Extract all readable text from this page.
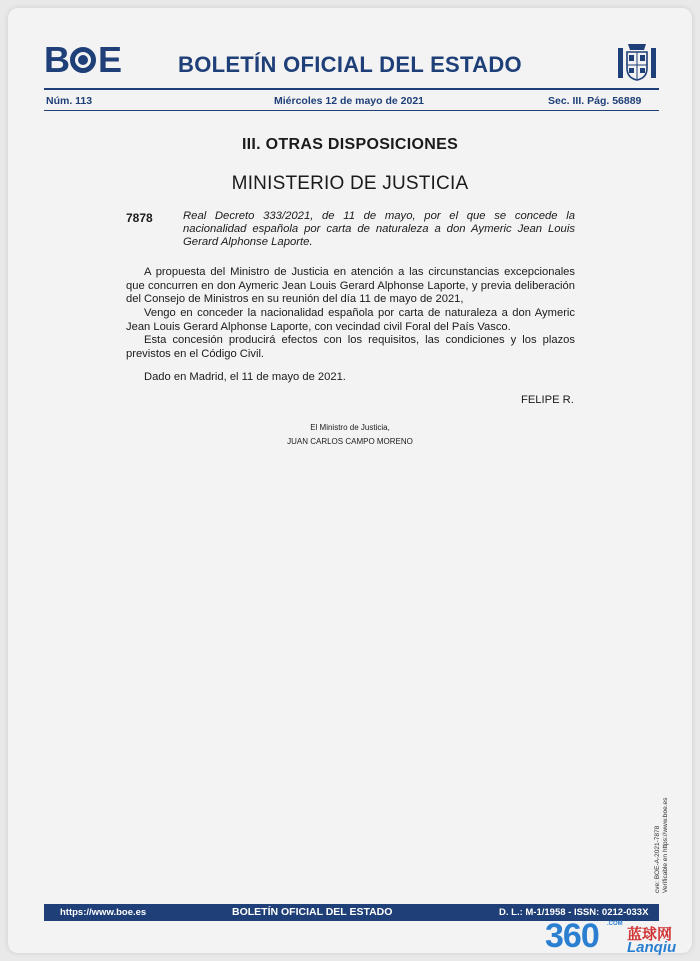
B E	BOLETÍN OFICIAL DEL ESTADO
Núm. 113	Miércoles 12 de mayo de 2021	Sec. III. Pág. 56889
III. OTRAS DISPOSICIONES
MINISTERIO DE JUSTICIA
7878	Real Decreto 333/2021, de 11 de mayo, por el que se concede la nacionalidad española por carta de naturaleza a don Aymeric Jean Louis Gerard Alphonse Laporte.
A propuesta del Ministro de Justicia en atención a las circunstancias excepcionales que concurren en don Aymeric Jean Louis Gerard Alphonse Laporte, y previa deliberación del Consejo de Ministros en su reunión del día 11 de mayo de 2021,
Vengo en conceder la nacionalidad española por carta de naturaleza a don Aymeric Jean Louis Gerard Alphonse Laporte, con vecindad civil Foral del País Vasco.
Esta concesión producirá efectos con los requisitos, las condiciones y los plazos previstos en el Código Civil.
Dado en Madrid, el 11 de mayo de 2021.
FELIPE R.
El Ministro de Justicia,
JUAN CARLOS CAMPO MORENO
cve: BOE-A-2021-7878 Verificable en https://www.boe.es
https://www.boe.es	BOLETÍN OFICIAL DEL ESTADO	D. L.: M-1/1958 - ISSN: 0212-033X
360 .COM
蓝球网
Lanqiu
